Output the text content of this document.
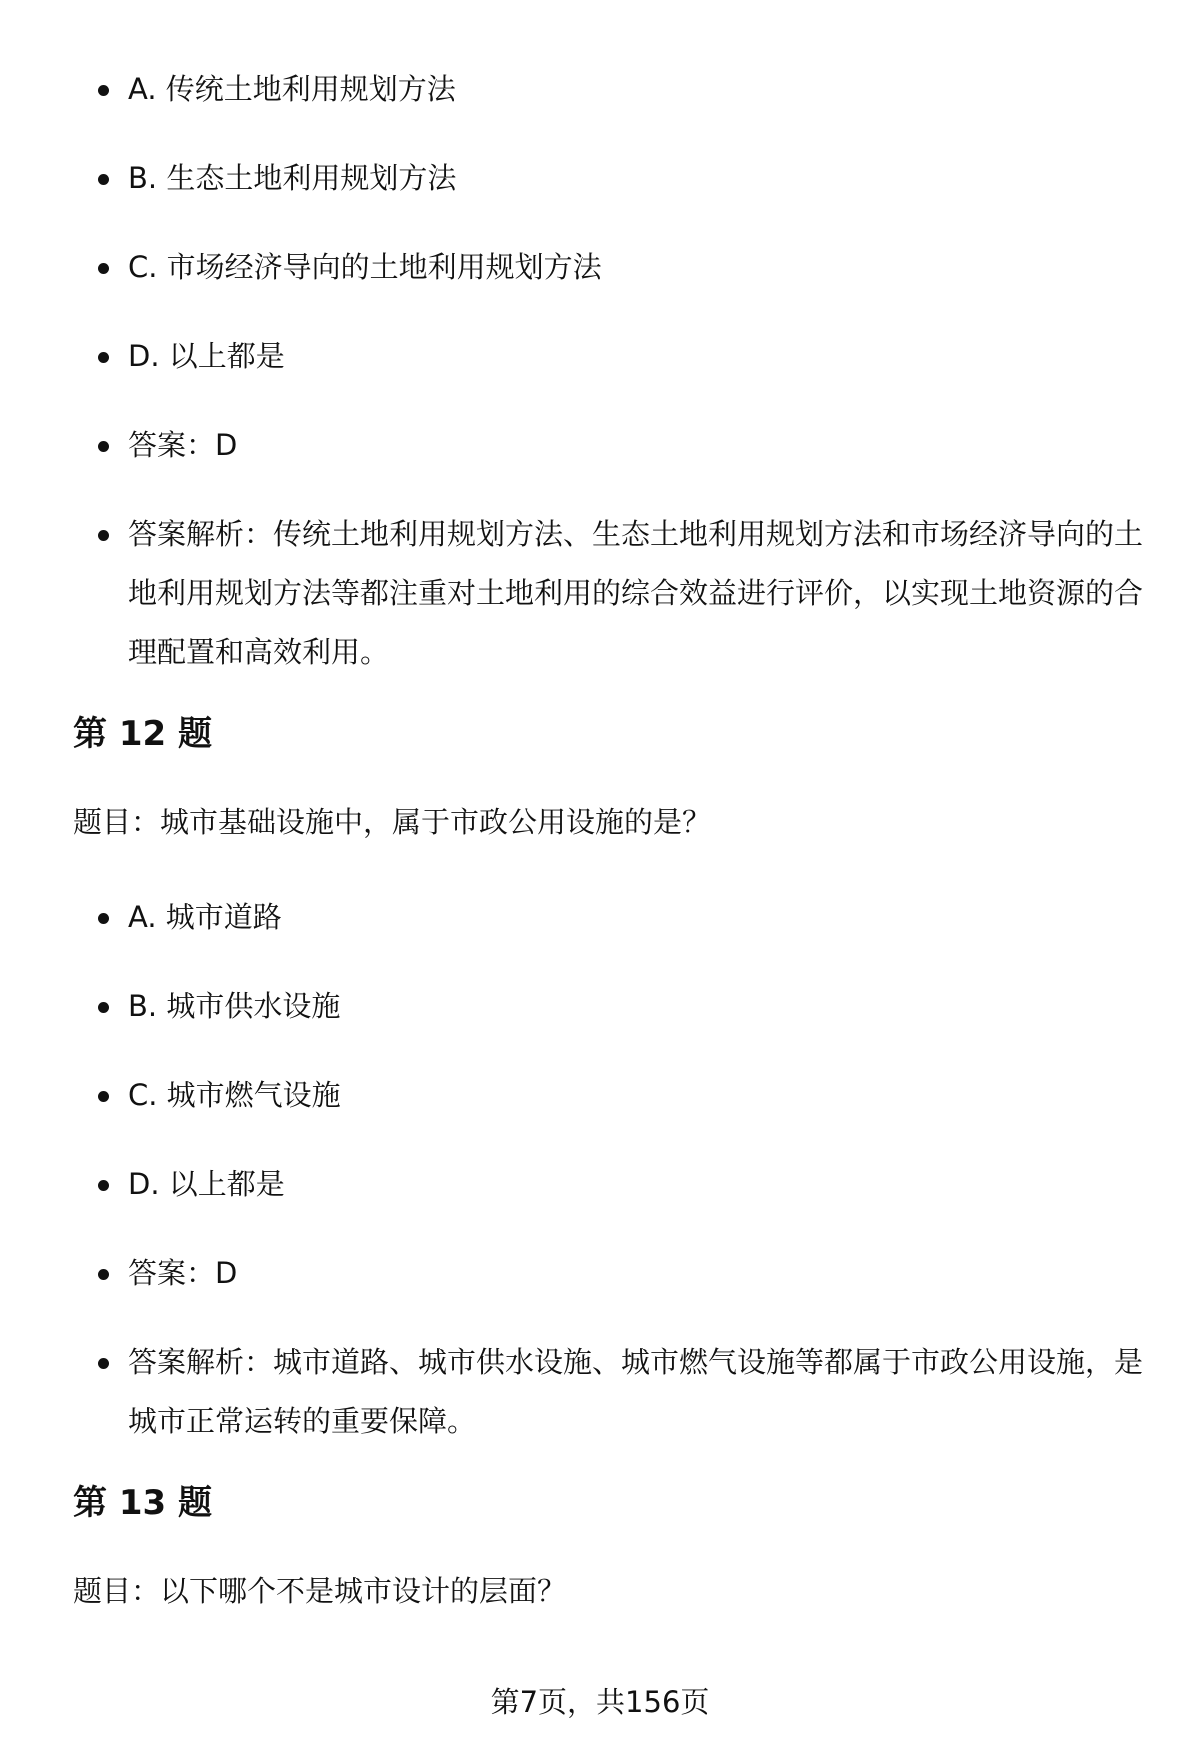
A. 传统土地利用规划方法
B. 生态土地利用规划方法
C. 市场经济导向的土地利用规划方法
D. 以上都是
答案：D
答案解析：传统土地利用规划方法、生态土地利用规划方法和市场经济导向的土地利用规划方法等都注重对土地利用的综合效益进行评价，以实现土地资源的合理配置和高效利用。
第 12 题
题目：城市基础设施中，属于市政公用设施的是？
A. 城市道路
B. 城市供水设施
C. 城市燃气设施
D. 以上都是
答案：D
答案解析：城市道路、城市供水设施、城市燃气设施等都属于市政公用设施，是城市正常运转的重要保障。
第 13 题
题目：以下哪个不是城市设计的层面？
第7页，共156页
